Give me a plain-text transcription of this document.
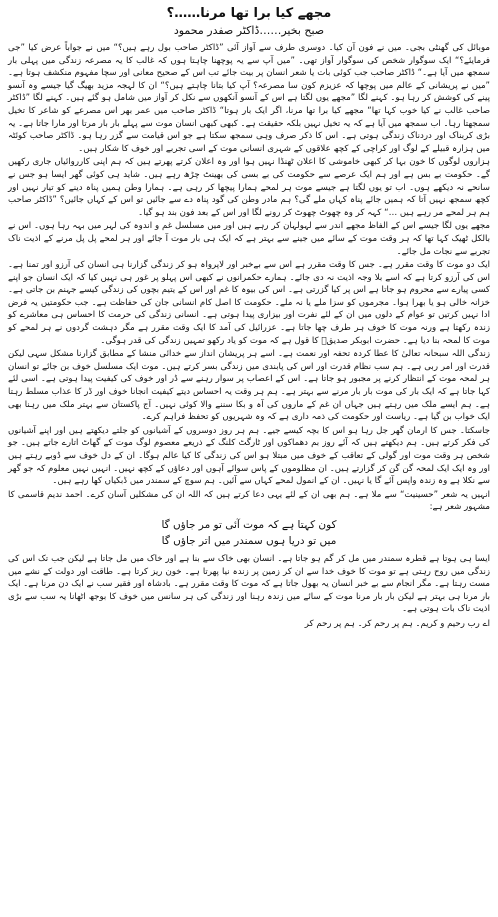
مجھے کیا برا تھا مرنا……؟
صبح بخیر……ڈاکٹر صفدر محمود

موبائل کی گھنٹی بجی۔ میں نے فون آن کیا۔ دوسری طرف سے آواز آئی ”ڈاکٹر صاحب بول رہے ہیں؟“ میں نے جواباً عرض کیا ”جی فرمایئے؟“ ایک سوگوار شخص کی سوگوار آواز تھی۔ ”میں آپ سے یہ پوچھنا چاہتا ہوں کہ غالب کا یہ مصرعہ زندگی میں پہلی بار سمجھ میں آیا ہے۔“ ڈاکٹر صاحب جب کوئی بات یا شعر انسان پر بیت جائے تب اس کے صحیح معانی اور سچا مفہوم منکشف ہوتا ہے۔ ”میں نے پریشانی کے عالم میں پوچھا کہ عزیزم کون سا مصرعہ؟ آپ کیا بتانا چاہتے ہیں؟“ ان کا لہجہ مزید بھیگ گیا جیسے وہ آنسو پینے کی کوشش کر رہا ہو۔ کہنے لگا ”مجھے یوں لگتا ہے اس کے آنسو آنکھوں سے نکل کر آواز میں شامل ہو گئے ہیں۔ کہنے لگا ”ڈاکٹر صاحب غالب نے کیا خوب کہا تھا“ مجھے کیا برا تھا مرنا، اگر ایک بار ہوتا“ ڈاکٹر صاحب میں عمر بھر اس مصرعے کو شاعر کا تخیل سمجھتا رہا۔ اب سمجھ میں آیا ہے کہ یہ تخیل نہیں بلکہ حقیقت ہے۔ کبھی کبھی انسان موت سے پہلے بار بار مرتا اور مارا جاتا ہے۔ یہ بڑی کربناک اور دردناک زندگی ہوتی ہے۔ اس کا ذکر صرف وہی سمجھ سکتا ہے جو اس قیامت سے گزر رہا ہو۔ ڈاکٹر صاحب کوئٹہ میں ہزارہ قبیلے کے لوگ اور کراچی کے کچھ علاقوں کے شہری انسانی موت کے اسی تجربے اور خوف کا شکار ہیں۔

ہزاروں لوگوں کا خون بہا کر کبھی خاموشی کا اعلان ٹھنڈا نہیں ہوا اور وہ اعلان کرتے پھرتے ہیں کہ ہم اپنی کارروائیاں جاری رکھیں گے۔ حکومت بے بس ہے اور ہم ایک عرصے سے حکومت کی بے بسی کی بھینٹ چڑھ رہے ہیں۔ شاید ہی کوئی گھر ایسا ہو جس نے سانحے نہ دیکھے ہوں۔ اب تو یوں لگتا ہے جیسے موت ہر لمحے ہمارا پیچھا کر رہی ہے۔ ہمارا وطن ہمیں پناہ دینے کو تیار نہیں اور کچھ سمجھ نہیں آتا کہ ہمیں جائے پناہ کہاں ملے گی؟ ہم مادر وطن کی گود پناہ دے سے جائیں تو اس کے کہاں جائیں؟ ”ڈاکٹر صاحب ہم ہر لمحے مر رہے ہیں …“ کہہ کر وہ چھوٹ چھوٹ کر رونے لگا اور اس کے بعد فون بند ہو گیا۔

مجھے یوں لگا جیسے اس کے الفاظ مجھے اندر سے لہولہان کر رہے ہیں اور میں مسلسل غم و اندوہ کی لہر میں بہہ رہا ہوں۔ اس نے بالکل ٹھیک کہا تھا کہ ہر وقت موت کے سائے میں جینے سے بہتر ہے کہ ایک ہی بار موت آ جائے اور ہر لمحے پل پل مرنے کے اذیت ناک تجربے سے نجات مل جائے۔

ایک دو موت کا وقت مقرر ہے۔ جس کا وقت مقرر ہے اس سے بےخبر اور لاپرواہ ہو کر زندگی گزارنا ہی انسان کی آرزو اور تمنا ہے۔ اس کی آرزو کرتا ہے کہ اسے بلا وجہ اذیت نہ دی جائے۔ ہمارے حکمرانوں نے کبھی اس پہلو پر غور ہی نہیں کیا کہ ایک انسان جو اپنے کسی پیارے سے محروم ہو جاتا ہے اس پر کیا گزرتی ہے۔ اس کی بیوہ کا غم اور اس کے یتیم بچوں کی زندگی کیسے جہنم بن جاتی ہے۔ خزانہ خالی ہو یا بھرا ہوا۔ مجرموں کو سزا ملے یا نہ ملے۔ حکومت کا اصل کام انسانی جان کی حفاظت ہے۔ جب حکومتیں یہ فرض ادا نہیں کرتیں تو عوام کے دلوں میں ان کے لئے نفرت اور بیزاری پیدا ہوتی ہے۔ انسانی زندگی کی حرمت کا احساس ہی معاشرے کو زندہ رکھتا ہے ورنہ موت کا خوف ہر طرف چھا جاتا ہے۔ عزرائیل کی آمد کا ایک وقت مقرر ہے مگر دہشت گردوں نے ہر لمحے کو موت کا لمحہ بنا دیا ہے۔ حضرت ابوبکر صدیقؓ کا قول ہے کہ موت کو یاد رکھو تمہیں زندگی کی قدر ہوگی۔

زندگی اللہ سبحانہ تعالیٰ کا عطا کردہ تحفہ اور نعمت ہے۔ اسے ہر پریشان انداز سے خدائی منشا کے مطابق گزارنا مشکل سہی لیکن قدرت اور امر ربی ہے۔ ہم سب نظام قدرت اور اس کی پابندی میں زندگی بسر کرتے ہیں۔ موت ایک مسلسل خوف بن جائے تو انسان ہر لمحہ موت کے انتظار کرنے پر مجبور ہو جاتا ہے۔ اس کے اعصاب پر سوار رہنے سے ڈر اور خوف کی کیفیت پیدا ہوتی ہے۔ اسی لئے کہا جاتا ہے کہ ایک بار کی موت بار بار مرنے سے بہتر ہے۔ ہم ہر وقت یہ احساس دیتے کیفیت انجانا خوف اور ڈر کا عذاب مسلط رہتا ہے۔ ہم ایسے ملک میں رہتے ہیں جہاں ان غم کے ماروں کی آہ و بکا سننے والا کوئی نہیں۔ آج پاکستان سے بہتر ملک میں رہنا بھی ایک خواب بن گیا ہے۔ ریاست اور حکومت کی ذمہ داری ہے کہ وہ شہریوں کو تحفظ فراہم کرے۔

جاسکتا۔ جس کا ارمان گھر جل رہا ہو اس کا بچہ کیسے جیے۔ ہم ہر روز دوسروں کے آشیانوں کو جلتے دیکھتے ہیں اور اپنے آشیانوں کی فکر کرتے ہیں۔ ہم دیکھتے ہیں کہ آئے روز بم دھماکوں اور ٹارگٹ کلنگ کے ذریعے معصوم لوگ موت کے گھاٹ اتارے جاتے ہیں۔ جو شخص ہر وقت موت اور گولی کے تعاقب کے خوف میں مبتلا ہو اس کی زندگی کا کیا عالم ہوگا۔ ان کے دل خوف سے ڈوبے رہتے ہیں اور وہ ایک ایک لمحہ گن گن کر گزارتے ہیں۔ ان مظلوموں کے پاس سوائے آہوں اور دعاؤں کے کچھ نہیں۔ انہیں نہیں معلوم کہ جو گھر سے نکلا ہے وہ زندہ واپس آئے گا یا نہیں۔ ان کے انمول لمحے کہاں سے آئیں۔ ہم سوچ کے سمندر میں ڈبکیاں کھا رہے ہیں۔

انہیں یہ شعر ”حسینیت“ سے ملا ہے۔ ہم بھی ان کے لئے یہی دعا کرتے ہیں کہ اللہ ان کی مشکلیں آسان کرے۔ احمد ندیم قاسمی کا مشہور شعر ہے:

کون کہتا ہے کہ موت آئی تو مر جاؤں گا
میں تو دریا ہوں سمندر میں اتر جاؤں گا

ایسا ہی ہوتا ہے قطرہ سمندر میں مل کر گم ہو جاتا ہے۔ انسان بھی خاک سے بنا ہے اور خاک میں مل جاتا ہے لیکن جب تک اس کی زندگی میں روح رہتی ہے تو موت کا خوف خدا سے ان کر زمین پر زندہ نیا پھرتا ہے۔ خون ریز کرتا ہے۔ طاقت اور دولت کے نشے میں مست رہتا ہے۔ مگر انجام سے بے خبر انسان یہ بھول جاتا ہے کہ موت کا وقت مقرر ہے۔ بادشاہ اور فقیر سب نے ایک دن مرنا ہے۔ ایک بار مرنا ہی بہتر ہے لیکن بار بار مرنا موت کے سائے میں زندہ رہنا اور زندگی کی ہر سانس میں خوف کا بوجھ اٹھانا یہ سب سے بڑی اذیت ناک بات ہوتی ہے۔

اے رب رحیم و کریم۔ ہم پر رحم کر۔ ہم پر رحم کر
